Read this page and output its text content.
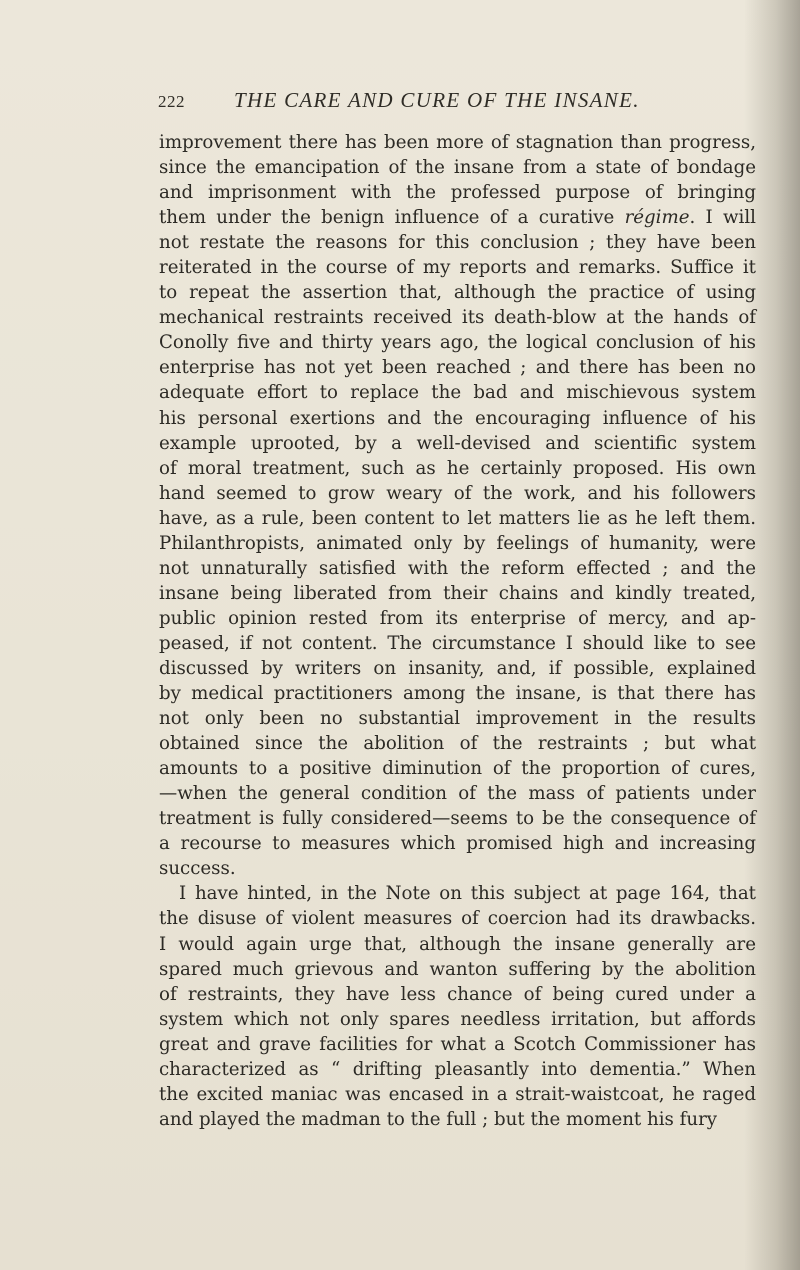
222 THE CARE AND CURE OF THE INSANE.
improvement there has been more of stagnation than progress,
since the emancipation of the insane from a state of bondage
and imprisonment with the professed purpose of bringing
them under the benign influence of a curative régime. I will
not restate the reasons for this conclusion ; they have been
reiterated in the course of my reports and remarks. Suffice it
to repeat the assertion that, although the practice of using
mechanical restraints received its death-blow at the hands of
Conolly five and thirty years ago, the logical conclusion of his
enterprise has not yet been reached ; and there has been no
adequate effort to replace the bad and mischievous system
his personal exertions and the encouraging influence of his
example uprooted, by a well-devised and scientific system
of moral treatment, such as he certainly proposed. His own
hand seemed to grow weary of the work, and his followers
have, as a rule, been content to let matters lie as he left them.
Philanthropists, animated only by feelings of humanity, were
not unnaturally satisfied with the reform effected ; and the
insane being liberated from their chains and kindly treated,
public opinion rested from its enterprise of mercy, and ap-
peased, if not content. The circumstance I should like to see
discussed by writers on insanity, and, if possible, explained
by medical practitioners among the insane, is that there has
not only been no substantial improvement in the results
obtained since the abolition of the restraints ; but what
amounts to a positive diminution of the proportion of cures,
—when the general condition of the mass of patients under
treatment is fully considered—seems to be the consequence of
a recourse to measures which promised high and increasing
success.
I have hinted, in the Note on this subject at page 164, that
the disuse of violent measures of coercion had its drawbacks.
I would again urge that, although the insane generally are
spared much grievous and wanton suffering by the abolition
of restraints, they have less chance of being cured under a
system which not only spares needless irritation, but affords
great and grave facilities for what a Scotch Commissioner has
characterized as “ drifting pleasantly into dementia.” When
the excited maniac was encased in a strait-waistcoat, he raged
and played the madman to the full ; but the moment his fury
